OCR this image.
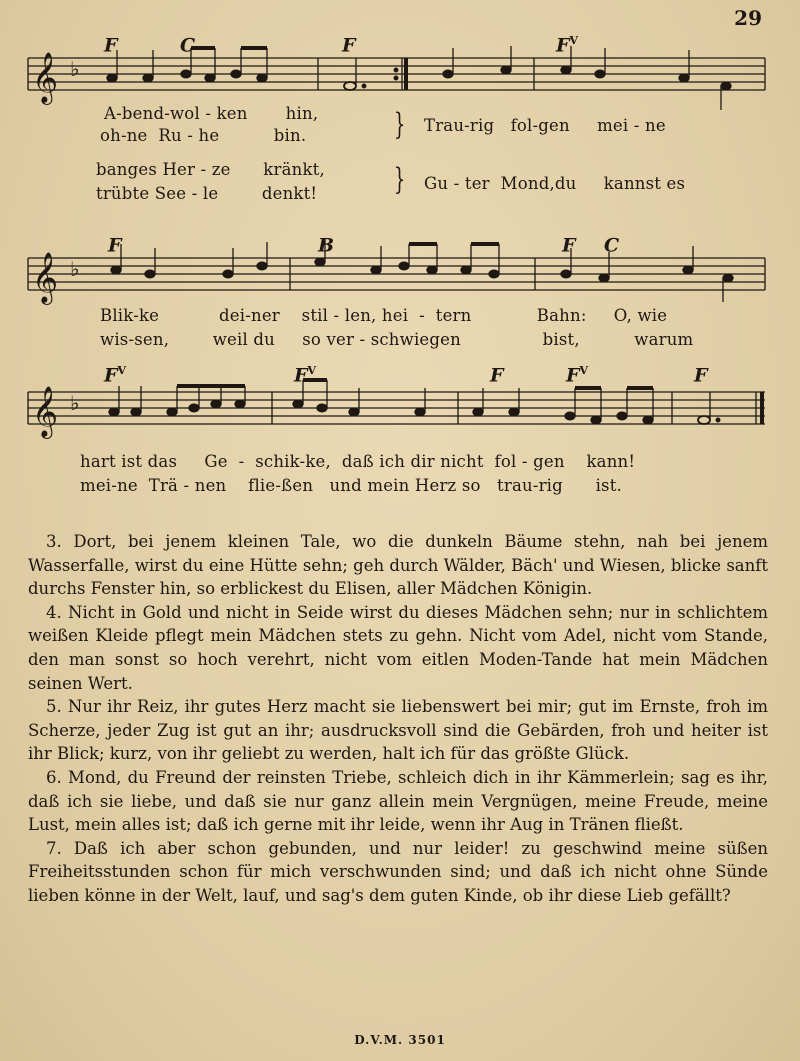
29
𝄞 ♭
F	C	F	$F^V$
A-bend-wol - ken       hin,
oh-ne  Ru - he          bin.
banges Her - ze      kränkt,
trübte See - le        denkt!
}
}
Trau-rig   fol-gen     mei - ne
Gu - ter  Mond,du     kannst es
𝄞 ♭
F	B	F C
Blik-ke           dei-ner    stil - len, hei  -  tern            Bahn:     O, wie
wis-sen,        weil du     so ver - schwiegen               bist,          warum
𝄞 ♭
$F^V$	$F^V$	F	$F^V$	F
hart ist das     Ge  -  schik-ke,  daß ich dir nicht  fol - gen    kann!
mei-ne  Trä - nen    flie-ßen   und mein Herz so   trau-rig      ist.

3. Dort, bei jenem kleinen Tale, wo die dunkeln Bäume stehn, nah bei jenem Wasserfalle, wirst du eine Hütte sehn; geh durch Wälder, Bäch' und Wiesen, blicke sanft durchs Fenster hin, so erblickest du Elisen, aller Mädchen Königin.

4. Nicht in Gold und nicht in Seide wirst du dieses Mädchen sehn; nur in schlichtem weißen Kleide pflegt mein Mädchen stets zu gehn. Nicht vom Adel, nicht vom Stande, den man sonst so hoch verehrt, nicht vom eitlen Moden-Tande hat mein Mädchen seinen Wert.

5. Nur ihr Reiz, ihr gutes Herz macht sie liebenswert bei mir; gut im Ernste, froh im Scherze, jeder Zug ist gut an ihr; ausdrucksvoll sind die Gebärden, froh und heiter ist ihr Blick; kurz, von ihr geliebt zu werden, halt ich für das größte Glück.

6. Mond, du Freund der reinsten Triebe, schleich dich in ihr Kämmerlein; sag es ihr, daß ich sie liebe, und daß sie nur ganz allein mein Vergnügen, meine Freude, meine Lust, mein alles ist; daß ich gerne mit ihr leide, wenn ihr Aug in Tränen fließt.

7. Daß ich aber schon gebunden, und nur leider! zu geschwind meine süßen Freiheitsstunden schon für mich verschwunden sind; und daß ich nicht ohne Sünde lieben könne in der Welt, lauf, und sag's dem guten Kinde, ob ihr diese Lieb gefällt?

D.V.M. 3501
